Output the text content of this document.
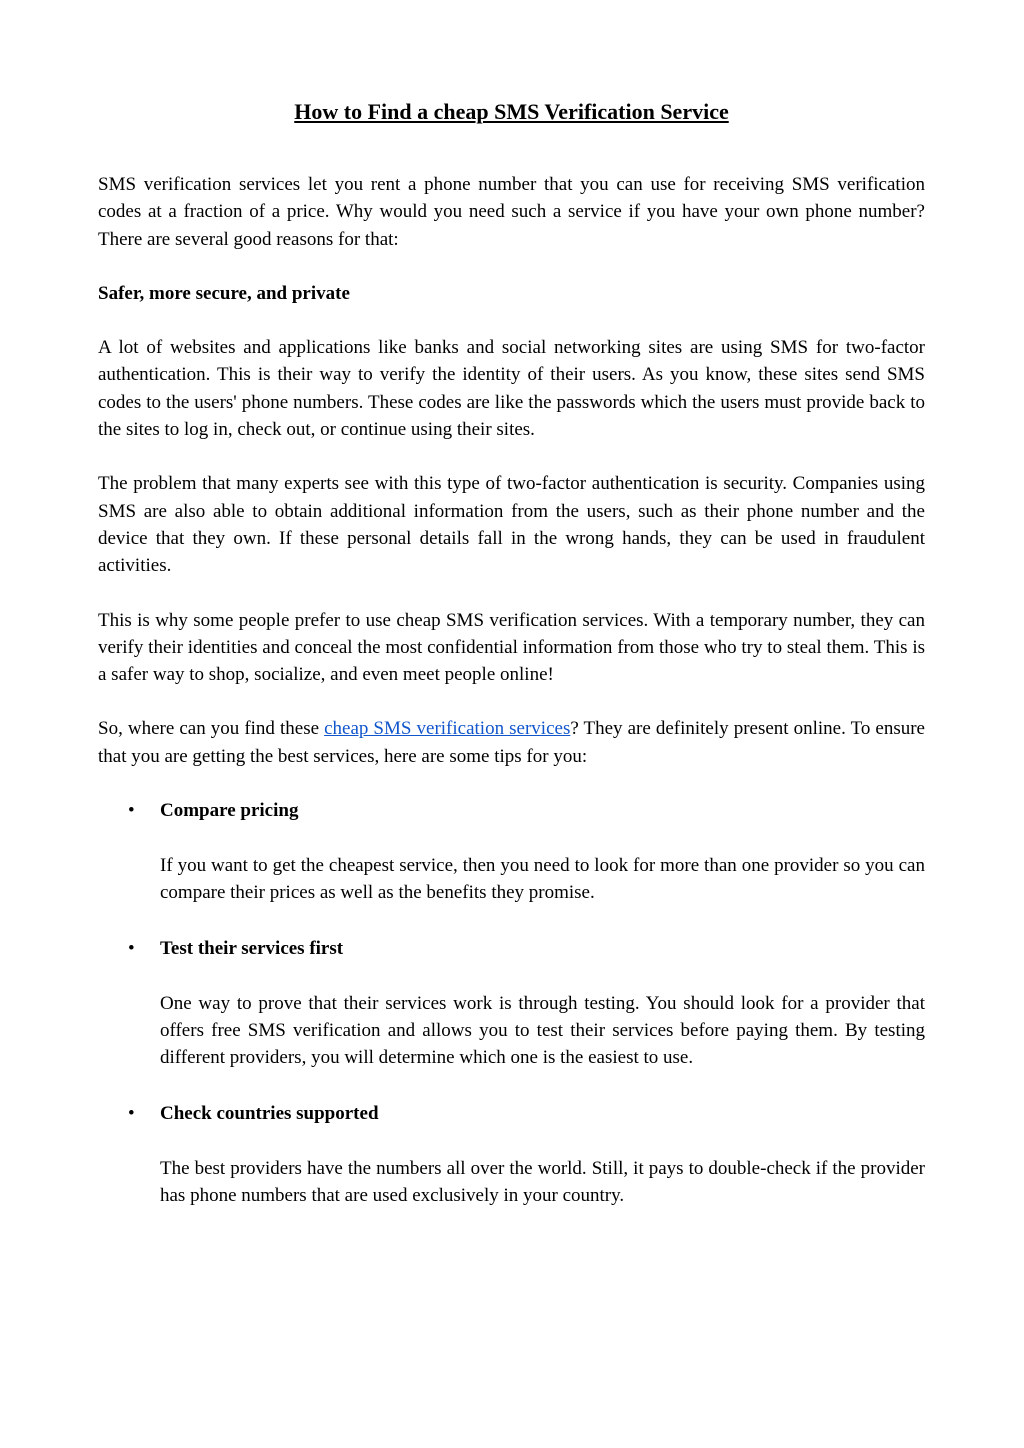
How to Find a cheap SMS Verification Service

SMS verification services let you rent a phone number that you can use for receiving SMS verification codes at a fraction of a price. Why would you need such a service if you have your own phone number? There are several good reasons for that:

Safer, more secure, and private

A lot of websites and applications like banks and social networking sites are using SMS for two-factor authentication. This is their way to verify the identity of their users. As you know, these sites send SMS codes to the users' phone numbers. These codes are like the passwords which the users must provide back to the sites to log in, check out, or continue using their sites.

The problem that many experts see with this type of two-factor authentication is security. Companies using SMS are also able to obtain additional information from the users, such as their phone number and the device that they own. If these personal details fall in the wrong hands, they can be used in fraudulent activities.

This is why some people prefer to use cheap SMS verification services. With a temporary number, they can verify their identities and conceal the most confidential information from those who try to steal them. This is a safer way to shop, socialize, and even meet people online!

So, where can you find these cheap SMS verification services? They are definitely present online. To ensure that you are getting the best services, here are some tips for you:

• Compare pricing

If you want to get the cheapest service, then you need to look for more than one provider so you can compare their prices as well as the benefits they promise.

• Test their services first

One way to prove that their services work is through testing. You should look for a provider that offers free SMS verification and allows you to test their services before paying them. By testing different providers, you will determine which one is the easiest to use.

• Check countries supported

The best providers have the numbers all over the world. Still, it pays to double-check if the provider has phone numbers that are used exclusively in your country.
